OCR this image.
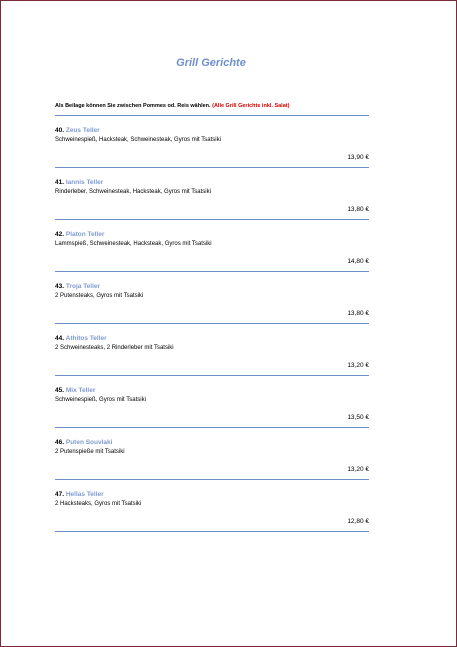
Grill Gerichte
Als Beilage können Sie zwischen Pommes od. Reis wählen. (Alle Grill Gerichte inkl. Salat)
40. Zeus Teller
Schweinespieß, Hacksteak, Schweinesteak, Gyros mit Tsatsiki
13,90 €
41. Iannis Teller
Rinderleber, Schweinesteak, Hacksteak, Gyros mit Tsatsiki
13,80 €
42. Platon Teller
Lammspieß, Schweinesteak, Hacksteak, Gyros mit Tsatsiki
14,80 €
43. Troja Teller
2 Putensteaks, Gyros mit Tsatsiki
13,80 €
44. Athitos Teller
2 Schweinesteaks, 2 Rinderleber mit Tsatsiki
13,20 €
45. Mix Teller
Schweinespieß, Gyros mit Tsatsiki
13,50 €
46. Puten Souvlaki
2 Putenspieße mit Tsatsiki
13,20 €
47. Hellas Teller
2 Hacksteaks, Gyros mit Tsatsiki
12,80 €
